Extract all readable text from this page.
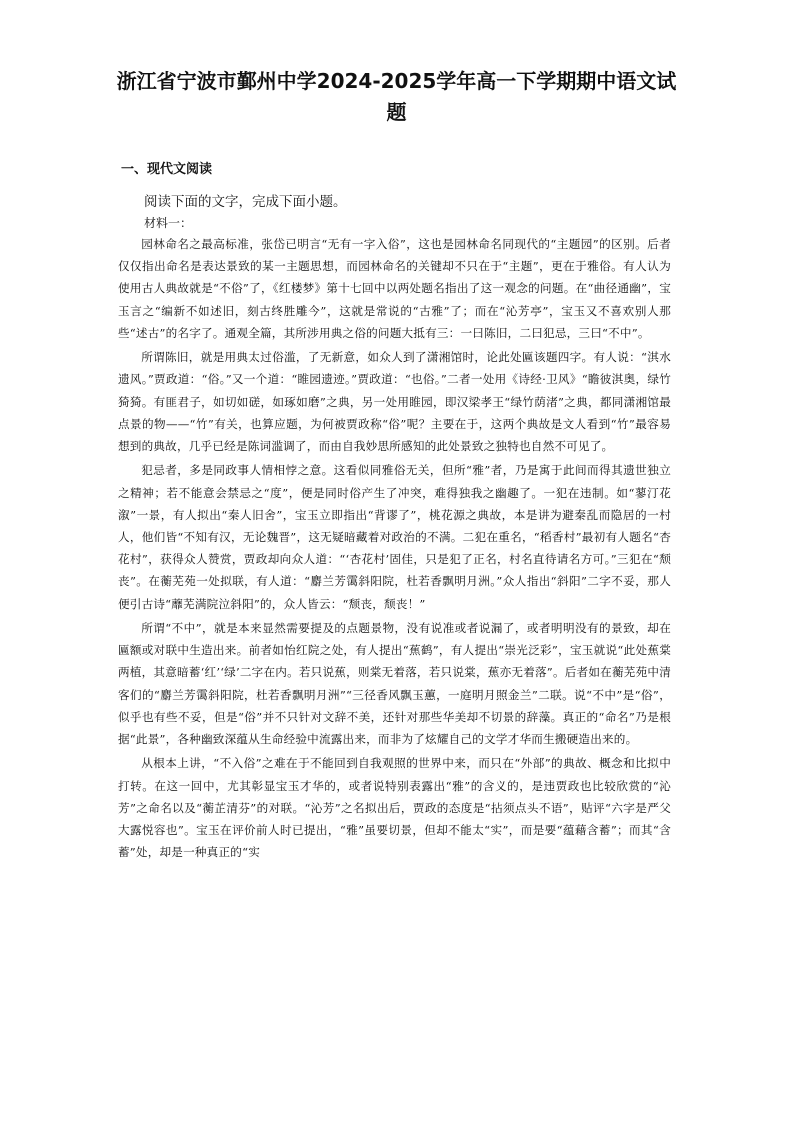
浙江省宁波市鄞州中学2024-2025学年高一下学期期中语文试题
一、现代文阅读
阅读下面的文字，完成下面小题。
材料一：

园林命名之最高标准，张岱已明言“无有一字入俗”，这也是园林命名同现代的“主题园”的区别。后者仅仅指出命名是表达景致的某一主题思想，而园林命名的关键却不只在于“主题”，更在于雅俗。有人认为使用古人典故就是“不俗”了，《红楼梦》第十七回中以两处题名指出了这一观念的问题。在“曲径通幽”，宝玉言之“编新不如述旧，刻古终胜雕今”，这就是常说的“古雅”了；而在“沁芳亭”，宝玉又不喜欢别人那些“述古”的名字了。通观全篇，其所涉用典之俗的问题大抵有三：一曰陈旧，二曰犯忌，三曰“不中”。

所谓陈旧，就是用典太过俗滥，了无新意，如众人到了潇湘馆时，论此处匾该题四字。有人说：“淇水遗风。”贾政道：“俗。”又一个道：“睢园遗迹。”贾政道：“也俗。”二者一处用《诗经·卫风》“瞻彼淇奥，绿竹猗猗。有匪君子，如切如磋，如琢如磨”之典，另一处用睢园，即汉梁孝王“绿竹荫渚”之典，都同潇湘馆最点景的物——“竹”有关，也算应题，为何被贾政称“俗”呢？主要在于，这两个典故是文人看到“竹”最容易想到的典故，几乎已经是陈词滥调了，而由自我妙思所感知的此处景致之独特也自然不可见了。

犯忌者，多是同政事人情相悖之意。这看似同雅俗无关，但所“雅”者，乃是寓于此间而得其遗世独立之精神；若不能意会禁忌之“度”，便是同时俗产生了冲突，难得独我之幽趣了。一犯在违制。如“蓼汀花溆”一景，有人拟出“秦人旧舍”，宝玉立即指出“背谬了”，桃花源之典故，本是讲为避秦乱而隐居的一村人，他们皆“不知有汉，无论魏晋”，这无疑暗藏着对政治的不满。二犯在重名，“稻香村”最初有人题名“杏花村”，获得众人赞赏，贾政却向众人道：“‘杏花村’固佳，只是犯了正名，村名直待请名方可。”三犯在“颓丧”。在蘅芜苑一处拟联，有人道：“麝兰芳霭斜阳院，杜若香飘明月洲。”众人指出“斜阳”二字不妥，那人便引古诗“蘼芜满院泣斜阳”的，众人皆云：“颓丧，颓丧！”

所谓“不中”，就是本来显然需要提及的点题景物，没有说准或者说漏了，或者明明没有的景致，却在匾额或对联中生造出来。前者如怡红院之处，有人提出“蕉鹤”，有人提出“崇光泛彩”，宝玉就说“此处蕉棠两植，其意暗蓄‘红’‘绿’二字在内。若只说蕉，则棠无着落，若只说棠，蕉亦无着落”。后者如在蘅芜苑中清客们的“麝兰芳霭斜阳院，杜若香飘明月洲”“三径香风飘玉蕙，一庭明月照金兰”二联。说“不中”是“俗”，似乎也有些不妥，但是“俗”并不只针对文辞不美，还针对那些华美却不切景的辞藻。真正的“命名”乃是根据“此景”，各种幽致深蕴从生命经验中流露出来，而非为了炫耀自己的文学才华而生搬硬造出来的。

从根本上讲，“不入俗”之难在于不能回到自我观照的世界中来，而只在“外部”的典故、概念和比拟中打转。在这一回中，尤其彰显宝玉才华的，或者说特别表露出“雅”的含义的，是违贾政也比较欣赏的“沁芳”之命名以及“蘅芷清芬”的对联。“沁芳”之名拟出后，贾政的态度是“拈须点头不语”，贴评“六字是严父大露悦容也”。宝玉在评价前人时已提出，“雅”虽要切景，但却不能太“实”，而是要“蕴藉含蓄”；而其“含蓄”处，却是一种真正的“实
